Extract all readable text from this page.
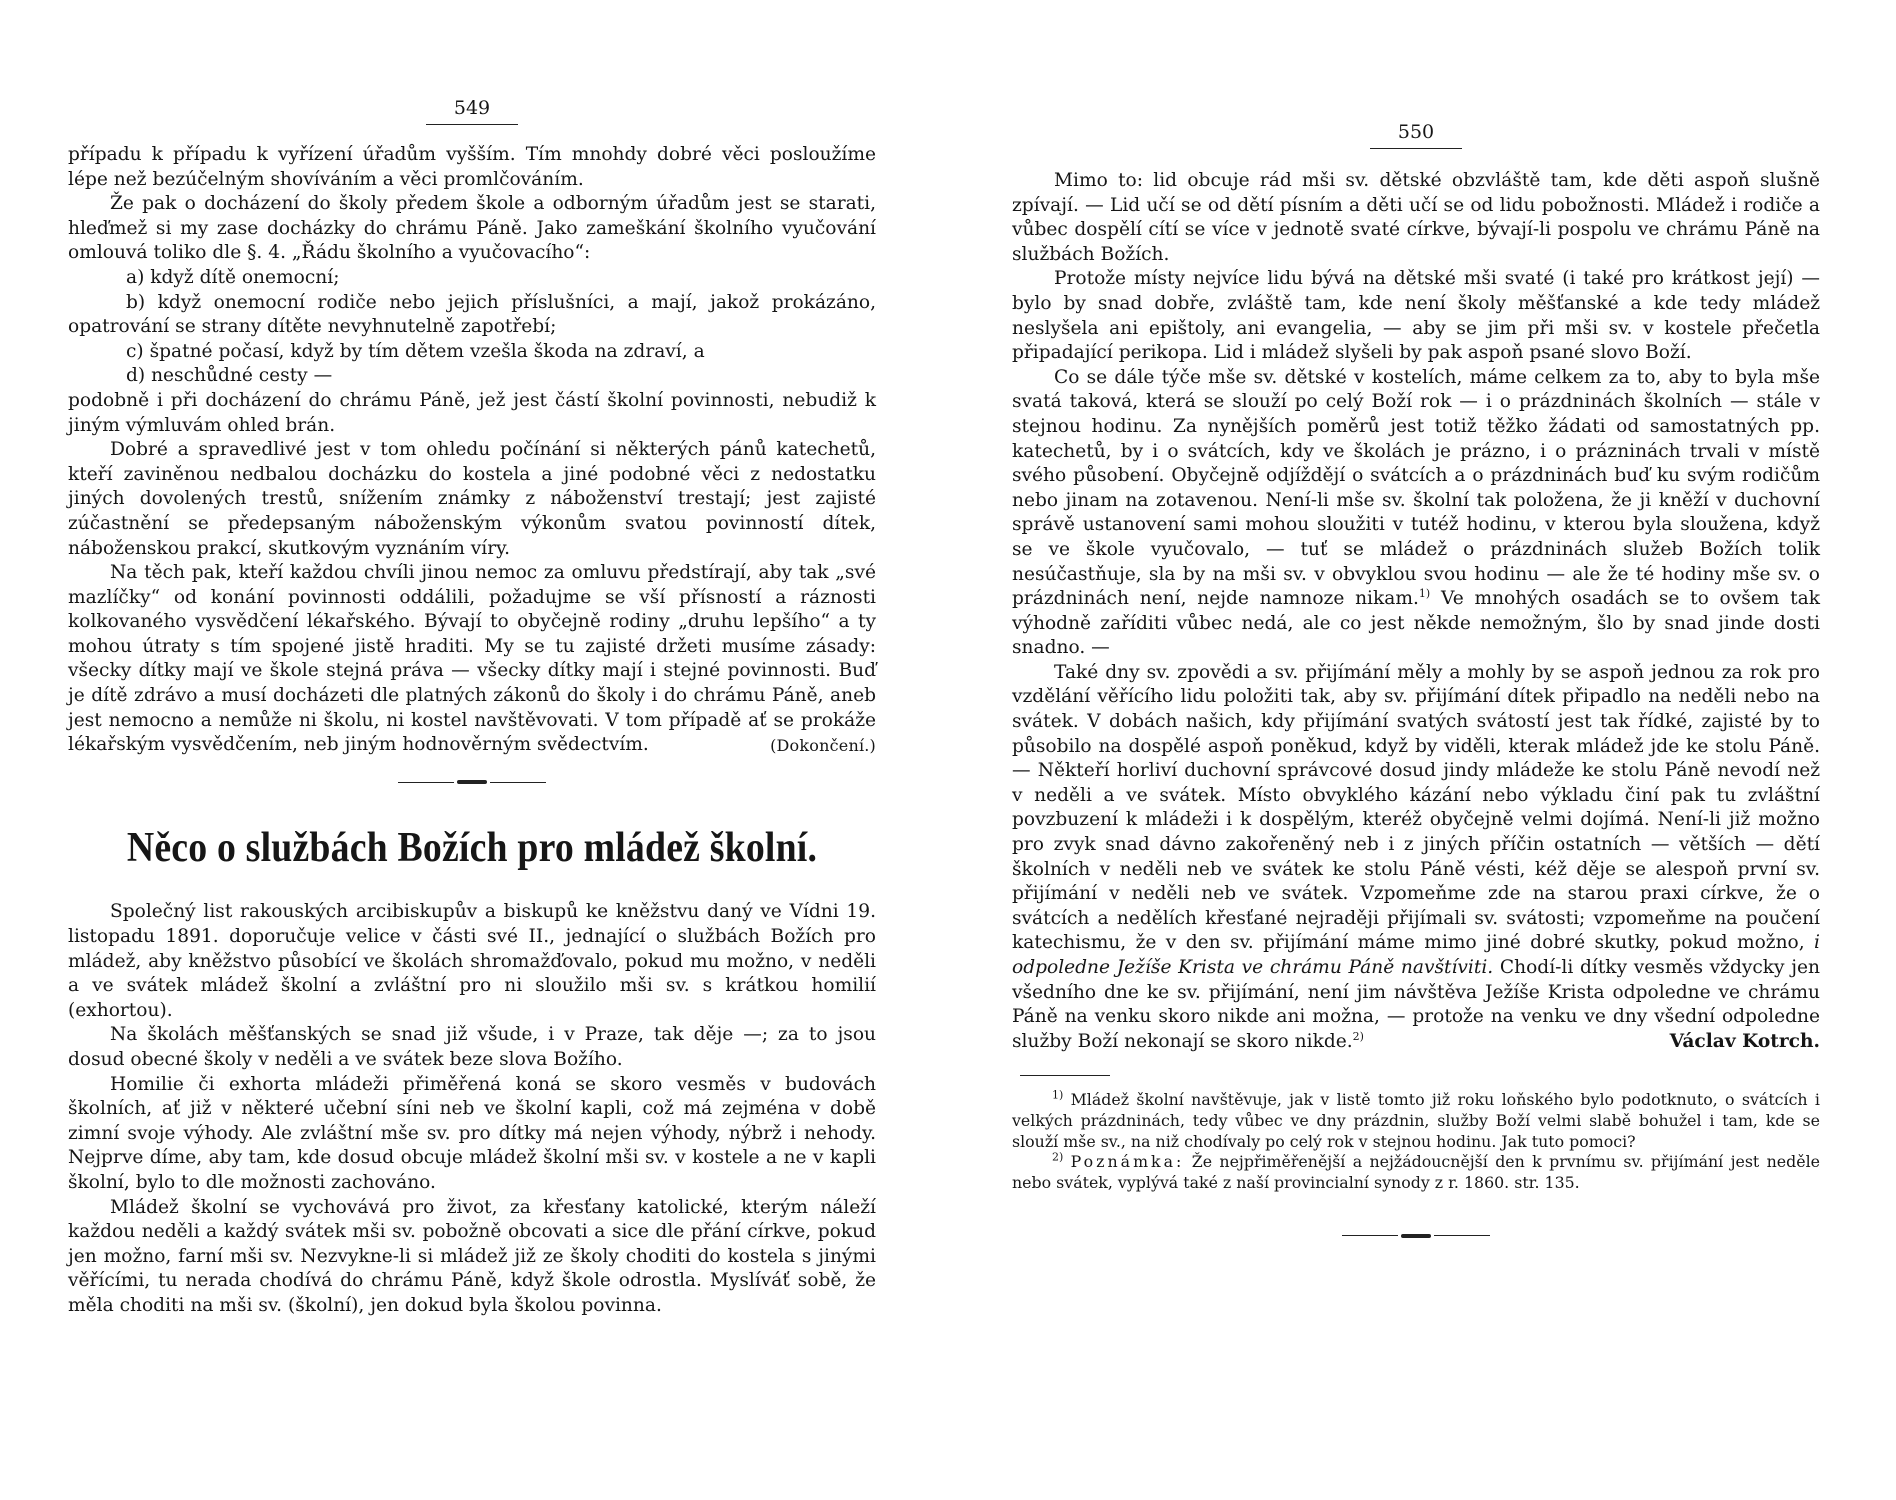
549

případu k případu k vyřízení úřadům vyšším. Tím mnohdy dobré věci posloužíme lépe než bezúčelným shovíváním a věci promlčováním.

Že pak o docházení do školy předem škole a odborným úřadům jest se starati, hleďmež si my zase docházky do chrámu Páně. Jako zameškání školního vyučování omlouvá toliko dle §. 4. „Řádu školního a vyučovacího“:

a) když dítě onemocní;

b) když onemocní rodiče nebo jejich příslušníci, a mají, jakož prokázáno, opatrování se strany dítěte nevyhnutelně zapotřebí;

c) špatné počasí, když by tím dětem vzešla škoda na zdraví, a

d) neschůdné cesty —

podobně i při docházení do chrámu Páně, jež jest částí školní povinnosti, nebudiž k jiným výmluvám ohled brán.

Dobré a spravedlivé jest v tom ohledu počínání si některých pánů katechetů, kteří zaviněnou nedbalou docházku do kostela a jiné podobné věci z nedostatku jiných dovolených trestů, snížením známky z náboženství trestají; jest zajisté zúčastnění se předepsaným náboženským výkonům svatou povinností dítek, náboženskou prakcí, skutkovým vyznáním víry.

Na těch pak, kteří každou chvíli jinou nemoc za omluvu předstírají, aby tak „své mazlíčky“ od konání povinnosti oddálili, požadujme se vší přísností a ráznosti kolkovaného vysvědčení lékařského. Bývají to obyčejně rodiny „druhu lepšího“ a ty mohou útraty s tím spojené jistě hraditi. My se tu zajisté držeti musíme zásady: všecky dítky mají ve škole stejná práva — všecky dítky mají i stejné povinnosti. Buď je dítě zdrávo a musí docházeti dle platných zákonů do školy i do chrámu Páně, aneb jest nemocno a nemůže ni školu, ni kostel navštěvovati. V tom případě ať se prokáže lékařským vysvědčením, neb jiným hodnověrným svědectvím.	(Dokončení.)
Něco o službách Božích pro mládež školní.

Společný list rakouských arcibiskupův a biskupů ke kněžstvu daný ve Vídni 19. listopadu 1891. doporučuje velice v části své II., jednající o službách Božích pro mládež, aby kněžstvo působící ve školách shromažďovalo, pokud mu možno, v neděli a ve svátek mládež školní a zvláštní pro ni sloužilo mši sv. s krátkou homilií (exhortou).

Na školách měšťanských se snad již všude, i v Praze, tak děje —; za to jsou dosud obecné školy v neděli a ve svátek beze slova Božího.

Homilie či exhorta mládeži přiměřená koná se skoro vesměs v budovách školních, ať již v některé učební síni neb ve školní kapli, což má zejména v době zimní svoje výhody. Ale zvláštní mše sv. pro dítky má nejen výhody, nýbrž i nehody. Nejprve díme, aby tam, kde dosud obcuje mládež školní mši sv. v kostele a ne v kapli školní, bylo to dle možnosti zachováno.

Mládež školní se vychovává pro život, za křesťany katolické, kterým náleží každou neděli a každý svátek mši sv. pobožně obcovati a sice dle přání církve, pokud jen možno, farní mši sv. Nezvykne-li si mládež již ze školy choditi do kostela s jinými věřícími, tu nerada chodívá do chrámu Páně, když škole odrostla. Myslíváť sobě, že měla choditi na mši sv. (školní), jen dokud byla školou povinna.

550

Mimo to: lid obcuje rád mši sv. dětské obzvláště tam, kde děti aspoň slušně zpívají. — Lid učí se od dětí písním a děti učí se od lidu pobožnosti. Mládež i rodiče a vůbec dospělí cítí se více v jednotě svaté církve, bývají-li pospolu ve chrámu Páně na službách Božích.

Protože místy nejvíce lidu bývá na dětské mši svaté (i také pro krátkost její) — bylo by snad dobře, zvláště tam, kde není školy měšťanské a kde tedy mládež neslyšela ani epištoly, ani evangelia, — aby se jim při mši sv. v kostele přečetla připadající perikopa. Lid i mládež slyšeli by pak aspoň psané slovo Boží.

Co se dále týče mše sv. dětské v kostelích, máme celkem za to, aby to byla mše svatá taková, která se slouží po celý Boží rok — i o prázdninách školních — stále v stejnou hodinu. Za nynějších poměrů jest totiž těžko žádati od samostatných pp. katechetů, by i o svátcích, kdy ve školách je prázno, i o prázninách trvali v místě svého působení. Obyčejně odjíždějí o svátcích a o prázdninách buď ku svým rodičům nebo jinam na zotavenou. Není-li mše sv. školní tak položena, že ji kněží v duchovní správě ustanovení sami mohou sloužiti v tutéž hodinu, v kterou byla sloužena, když se ve škole vyučovalo, — tuť se mládež o prázdninách služeb Božích tolik nesúčastňuje, sla by na mši sv. v obvyklou svou hodinu — ale že té hodiny mše sv. o prázdninách není, nejde namnoze nikam.$^{1)}$ Ve mnohých osadách se to ovšem tak výhodně zaříditi vůbec nedá, ale co jest někde nemožným, šlo by snad jinde dosti snadno. —

Také dny sv. zpovědi a sv. přijímání měly a mohly by se aspoň jednou za rok pro vzdělání věřícího lidu položiti tak, aby sv. přijímání dítek připadlo na neděli nebo na svátek. V dobách našich, kdy přijímání svatých svátostí jest tak řídké, zajisté by to působilo na dospělé aspoň poněkud, když by viděli, kterak mládež jde ke stolu Páně. — Někteří horliví duchovní správcové dosud jindy mládeže ke stolu Páně nevodí než v neděli a ve svátek. Místo obvyklého kázání nebo výkladu činí pak tu zvláštní povzbuzení k mládeži i k dospělým, kteréž obyčejně velmi dojímá. Není-li již možno pro zvyk snad dávno zakořeněný neb i z jiných příčin ostatních — větších — dětí školních v neděli neb ve svátek ke stolu Páně vésti, kéž děje se alespoň první sv. přijímání v neděli neb ve svátek. Vzpomeňme zde na starou praxi církve, že o svátcích a nedělích křesťané nejraději přijímali sv. svátosti; vzpomeňme na poučení katechismu, že v den sv. přijímání máme mimo jiné dobré skutky, pokud možno, i odpoledne Ježíše Krista ve chrámu Páně navštíviti. Chodí-li dítky vesměs vždycky jen všedního dne ke sv. přijímání, není jim návštěva Ježíše Krista odpoledne ve chrámu Páně na venku skoro nikde ani možna, — protože na venku ve dny všední odpoledne služby Boží nekonají se skoro nikde.$^{2)}$	Václav Kotrch.

$^{1)}$ Mládež školní navštěvuje, jak v listě tomto již roku loňského bylo podotknuto, o svátcích i velkých prázdninách, tedy vůbec ve dny prázdnin, služby Boží velmi slabě bohužel i tam, kde se slouží mše sv., na niž chodívaly po celý rok v stejnou hodinu. Jak tuto pomoci?

$^{2)}$ Poznámka: Že nejpřiměřenější a nejžádoucnější den k prvnímu sv. přijímání jest neděle nebo svátek, vyplývá také z naší provincialní synody z r. 1860. str. 135.
